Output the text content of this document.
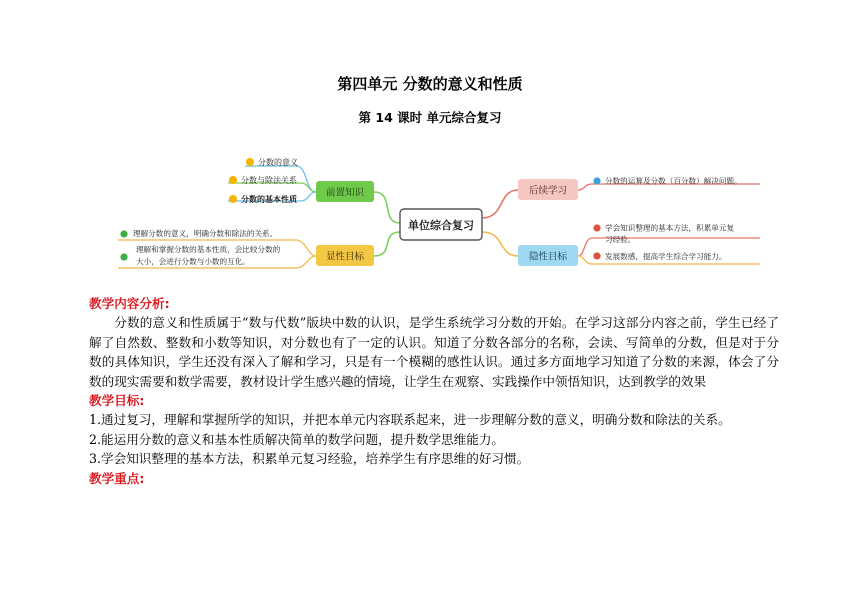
第四单元 分数的意义和性质
第 14 课时 单元综合复习
单位综合复习
前置知识
分数的意义
分数与除法关系
分数的基本性质
显性目标
理解分数的意义，明确分数和除法的关系。
理解和掌握分数的基本性质，会比较分数的
大小，会进行分数与小数的互化。
后续学习
分数的运算及分数（百分数）解决问题。
隐性目标
学会知识整理的基本方法，积累单元复
习经验。
发展数感，提高学生综合学习能力。

教学内容分析:

分数的意义和性质属于“数与代数”版块中数的认识，是学生系统学习分数的开始。在学习这部分内容之前，学生已经了解了自然数、整数和小数等知识，对分数也有了一定的认识。知道了分数各部分的名称，会读、写简单的分数，但是对于分数的具体知识，学生还没有深入了解和学习，只是有一个模糊的感性认识。通过多方面地学习知道了分数的来源，体会了分数的现实需要和数学需要，教材设计学生感兴趣的情境，让学生在观察、实践操作中领悟知识，达到教学的效果

教学目标:

1.通过复习，理解和掌握所学的知识，并把本单元内容联系起来，进一步理解分数的意义，明确分数和除法的关系。

2.能运用分数的意义和基本性质解决简单的数学问题，提升数学思维能力。

3.学会知识整理的基本方法，积累单元复习经验，培养学生有序思维的好习惯。

教学重点:
